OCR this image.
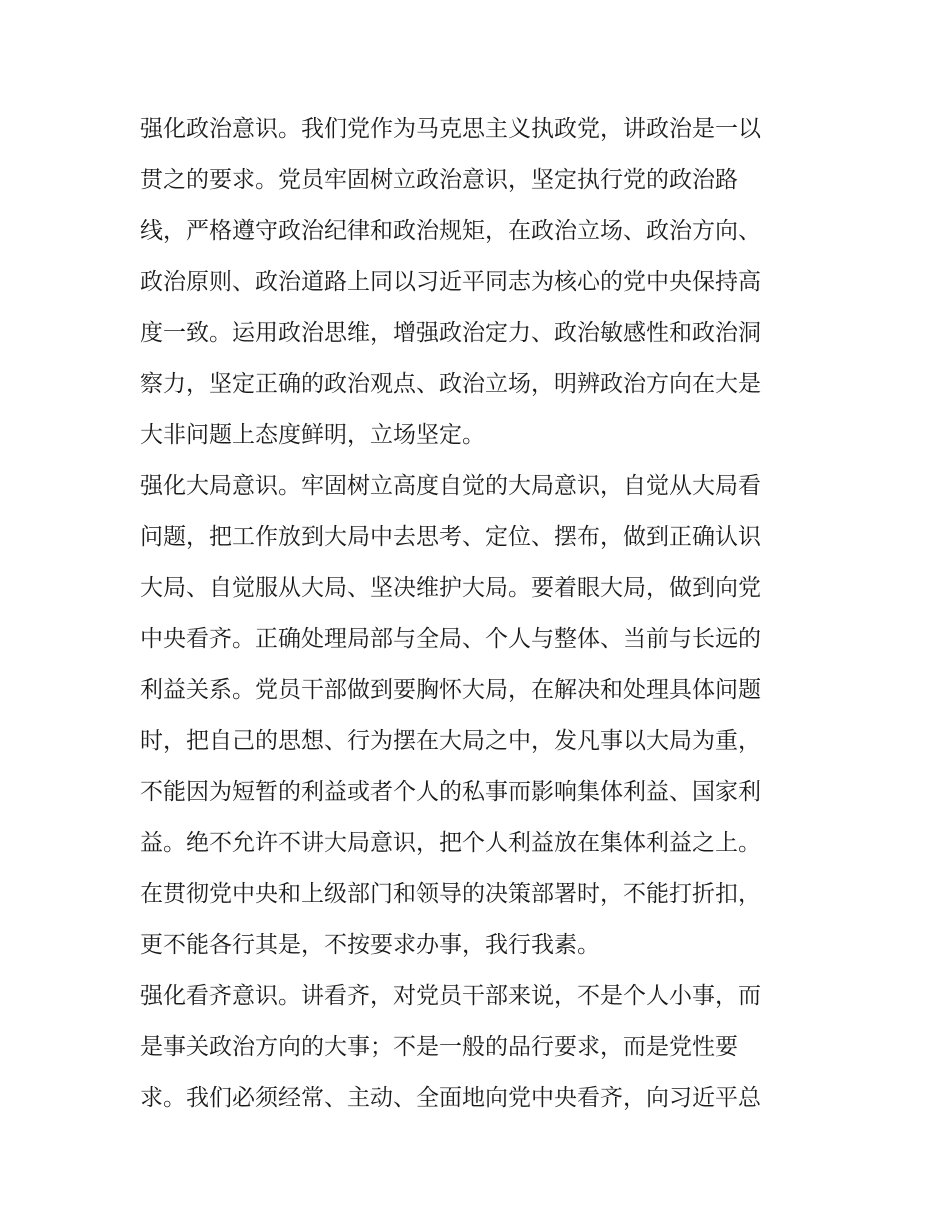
强化政治意识。我们党作为马克思主义执政党，讲政治是一以
贯之的要求。党员牢固树立政治意识，坚定执行党的政治路
线，严格遵守政治纪律和政治规矩，在政治立场、政治方向、
政治原则、政治道路上同以习近平同志为核心的党中央保持高
度一致。运用政治思维，增强政治定力、政治敏感性和政治洞
察力，坚定正确的政治观点、政治立场，明辨政治方向在大是
大非问题上态度鲜明，立场坚定。
强化大局意识。牢固树立高度自觉的大局意识，自觉从大局看
问题，把工作放到大局中去思考、定位、摆布，做到正确认识
大局、自觉服从大局、坚决维护大局。要着眼大局，做到向党
中央看齐。正确处理局部与全局、个人与整体、当前与长远的
利益关系。党员干部做到要胸怀大局，在解决和处理具体问题
时，把自己的思想、行为摆在大局之中，发凡事以大局为重，
不能因为短暂的利益或者个人的私事而影响集体利益、国家利
益。绝不允许不讲大局意识，把个人利益放在集体利益之上。
在贯彻党中央和上级部门和领导的决策部署时，不能打折扣，
更不能各行其是，不按要求办事，我行我素。
强化看齐意识。讲看齐，对党员干部来说，不是个人小事，而
是事关政治方向的大事；不是一般的品行要求，而是党性要
求。我们必须经常、主动、全面地向党中央看齐，向习近平总
